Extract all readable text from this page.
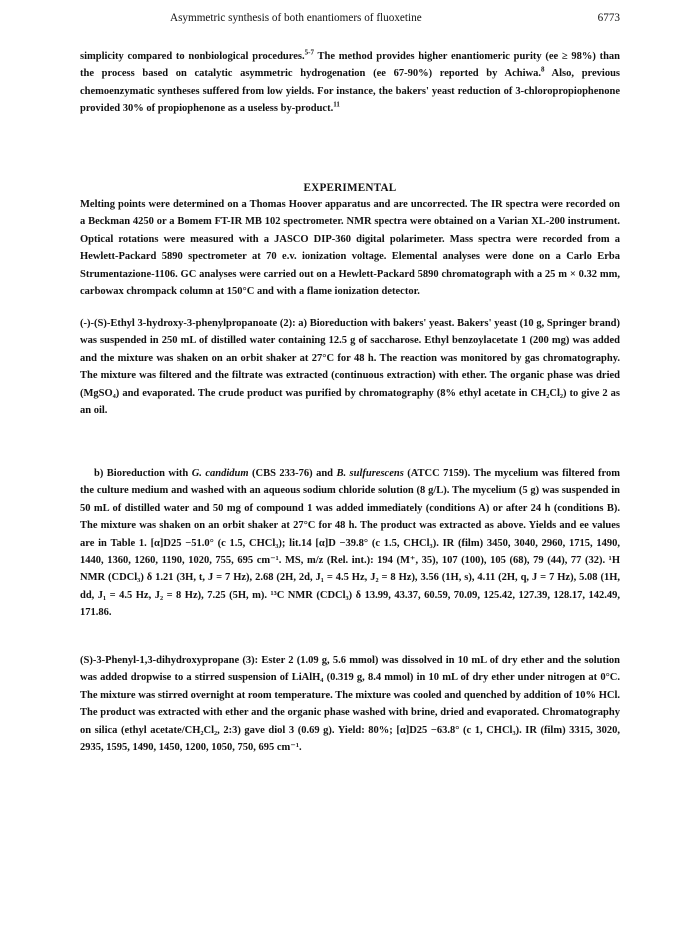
Asymmetric synthesis of both enantiomers of fluoxetine	6773

simplicity compared to nonbiological procedures.$^{5-7}$ The method provides higher enantiomeric purity (ee ≥ 98%) than the process based on catalytic asymmetric hydrogenation (ee 67-90%) reported by Achiwa.$^8$ Also, previous chemoenzymatic syntheses suffered from low yields. For instance, the bakers' yeast reduction of 3-chloropropiophenone provided 30% of propiophenone as a useless by-product.$^{11}$

EXPERIMENTAL

Melting points were determined on a Thomas Hoover apparatus and are uncorrected. The IR spectra were recorded on a Beckman 4250 or a Bomem FT-IR MB 102 spectrometer. NMR spectra were obtained on a Varian XL-200 instrument. Optical rotations were measured with a JASCO DIP-360 digital polarimeter. Mass spectra were recorded from a Hewlett-Packard 5890 spectrometer at 70 e.v. ionization voltage. Elemental analyses were done on a Carlo Erba Strumentazione-1106. GC analyses were carried out on a Hewlett-Packard 5890 chromatograph with a 25 m × 0.32 mm, carbowax chrompack column at 150°C and with a flame ionization detector.

(-)-(S)-Ethyl 3-hydroxy-3-phenylpropanoate (2): a) Bioreduction with bakers' yeast. Bakers' yeast (10 g, Springer brand) was suspended in 250 mL of distilled water containing 12.5 g of saccharose. Ethyl benzoylacetate 1 (200 mg) was added and the mixture was shaken on an orbit shaker at 27°C for 48 h. The reaction was monitored by gas chromatography. The mixture was filtered and the filtrate was extracted (continuous extraction) with ether. The organic phase was dried (MgSO₄) and evaporated. The crude product was purified by chromatography (8% ethyl acetate in CH₂Cl₂) to give 2 as an oil.

b) Bioreduction with G. candidum (CBS 233-76) and B. sulfurescens (ATCC 7159). The mycelium was filtered from the culture medium and washed with an aqueous sodium chloride solution (8 g/L). The mycelium (5 g) was suspended in 50 mL of distilled water and 50 mg of compound 1 was added immediately (conditions A) or after 24 h (conditions B). The mixture was shaken on an orbit shaker at 27°C for 48 h. The product was extracted as above. Yields and ee values are in Table 1. [α]D25 −51.0° (c 1.5, CHCl₃); lit.14 [α]D −39.8° (c 1.5, CHCl₃). IR (film) 3450, 3040, 2960, 1715, 1490, 1440, 1360, 1260, 1190, 1020, 755, 695 cm⁻¹. MS, m/z (Rel. int.): 194 (M⁺, 35), 107 (100), 105 (68), 79 (44), 77 (32). ¹H NMR (CDCl₃) δ 1.21 (3H, t, J = 7 Hz), 2.68 (2H, 2d, J₁ = 4.5 Hz, J₂ = 8 Hz), 3.56 (1H, s), 4.11 (2H, q, J = 7 Hz), 5.08 (1H, dd, J₁ = 4.5 Hz, J₂ = 8 Hz), 7.25 (5H, m). ¹³C NMR (CDCl₃) δ 13.99, 43.37, 60.59, 70.09, 125.42, 127.39, 128.17, 142.49, 171.86.

(S)-3-Phenyl-1,3-dihydroxypropane (3): Ester 2 (1.09 g, 5.6 mmol) was dissolved in 10 mL of dry ether and the solution was added dropwise to a stirred suspension of LiAlH₄ (0.319 g, 8.4 mmol) in 10 mL of dry ether under nitrogen at 0°C. The mixture was stirred overnight at room temperature. The mixture was cooled and quenched by addition of 10% HCl. The product was extracted with ether and the organic phase washed with brine, dried and evaporated. Chromatography on silica (ethyl acetate/CH₂Cl₂, 2:3) gave diol 3 (0.69 g). Yield: 80%; [α]D25 −63.8° (c 1, CHCl₃). IR (film) 3315, 3020, 2935, 1595, 1490, 1450, 1200, 1050, 750, 695 cm⁻¹.
